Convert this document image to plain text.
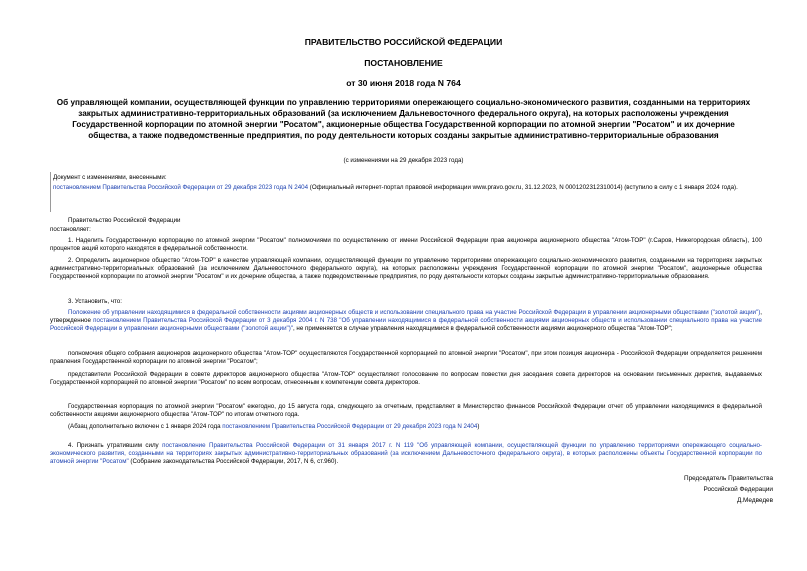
ПРАВИТЕЛЬСТВО РОССИЙСКОЙ ФЕДЕРАЦИИ
ПОСТАНОВЛЕНИЕ
от 30 июня 2018 года N 764
Об управляющей компании, осуществляющей функции по управлению территориями опережающего социально-экономического развития, созданными на территориях закрытых административно-территориальных образований (за исключением Дальневосточного федерального округа), на которых расположены учреждения Государственной корпорации по атомной энергии "Росатом", акционерные общества Государственной корпорации по атомной энергии "Росатом" и их дочерние общества, а также подведомственные предприятия, по роду деятельности которых созданы закрытые административно-территориальные образования
(с изменениями на 29 декабря 2023 года)

Документ с изменениями, внесенными:

постановлением Правительства Российской Федерации от 29 декабря 2023 года N 2404 (Официальный интернет-портал правовой информации www.pravo.gov.ru, 31.12.2023, N 0001202312310014) (вступило в силу с 1 января 2024 года).

Правительство Российской Федерации

постановляет:

1. Наделить Государственную корпорацию по атомной энергии "Росатом" полномочиями по осуществлению от имени Российской Федерации прав акционера акционерного общества "Атом-ТОР" (г.Саров, Нижегородская область), 100 процентов акций которого находятся в федеральной собственности.

2. Определить акционерное общество "Атом-ТОР" в качестве управляющей компании, осуществляющей функции по управлению территориями опережающего социально-экономического развития, созданными на территориях закрытых административно-территориальных образований (за исключением Дальневосточного федерального округа), на которых расположены учреждения Государственной корпорации по атомной энергии "Росатом", акционерные общества Государственной корпорации по атомной энергии "Росатом" и их дочерние общества, а также подведомственные предприятия, по роду деятельности которых созданы закрытые административно-территориальные образования.

3. Установить, что:

Положение об управлении находящимися в федеральной собственности акциями акционерных обществ и использовании специального права на участие Российской Федерации в управлении акционерными обществами ("золотой акции"), утвержденное постановлением Правительства Российской Федерации от 3 декабря 2004 г. N 738 "Об управлении находящимися в федеральной собственности акциями акционерных обществ и использовании специального права на участие Российской Федерации в управлении акционерными обществами ("золотой акции")", не применяется в случае управления находящимися в федеральной собственности акциями акционерного общества "Атом-ТОР";

полномочия общего собрания акционеров акционерного общества "Атом-ТОР" осуществляются Государственной корпорацией по атомной энергии "Росатом", при этом позиция акционера - Российской Федерации определяется решением правления Государственной корпорации по атомной энергии "Росатом";

представители Российской Федерации в совете директоров акционерного общества "Атом-ТОР" осуществляют голосование по вопросам повестки дня заседания совета директоров на основании письменных директив, выдаваемых Государственной корпорацией по атомной энергии "Росатом" по всем вопросам, отнесенным к компетенции совета директоров.

Государственная корпорация по атомной энергии "Росатом" ежегодно, до 15 августа года, следующего за отчетным, представляет в Министерство финансов Российской Федерации отчет об управлении находящимися в федеральной собственности акциями акционерного общества "Атом-ТОР" по итогам отчетного года.

(Абзац дополнительно включен с 1 января 2024 года постановлением Правительства Российской Федерации от 29 декабря 2023 года N 2404)

4. Признать утратившим силу постановление Правительства Российской Федерации от 31 января 2017 г. N 119 "Об управляющей компании, осуществляющей функции по управлению территориями опережающего социально-экономического развития, созданными на территориях закрытых административно-территориальных образований (за исключением Дальневосточного федерального округа), в которых расположены объекты Государственной корпорации по атомной энергии "Росатом" (Собрание законодательства Российской Федерации, 2017, N 6, ст.960).

Председатель Правительства
Российской Федерации
Д.Медведев
